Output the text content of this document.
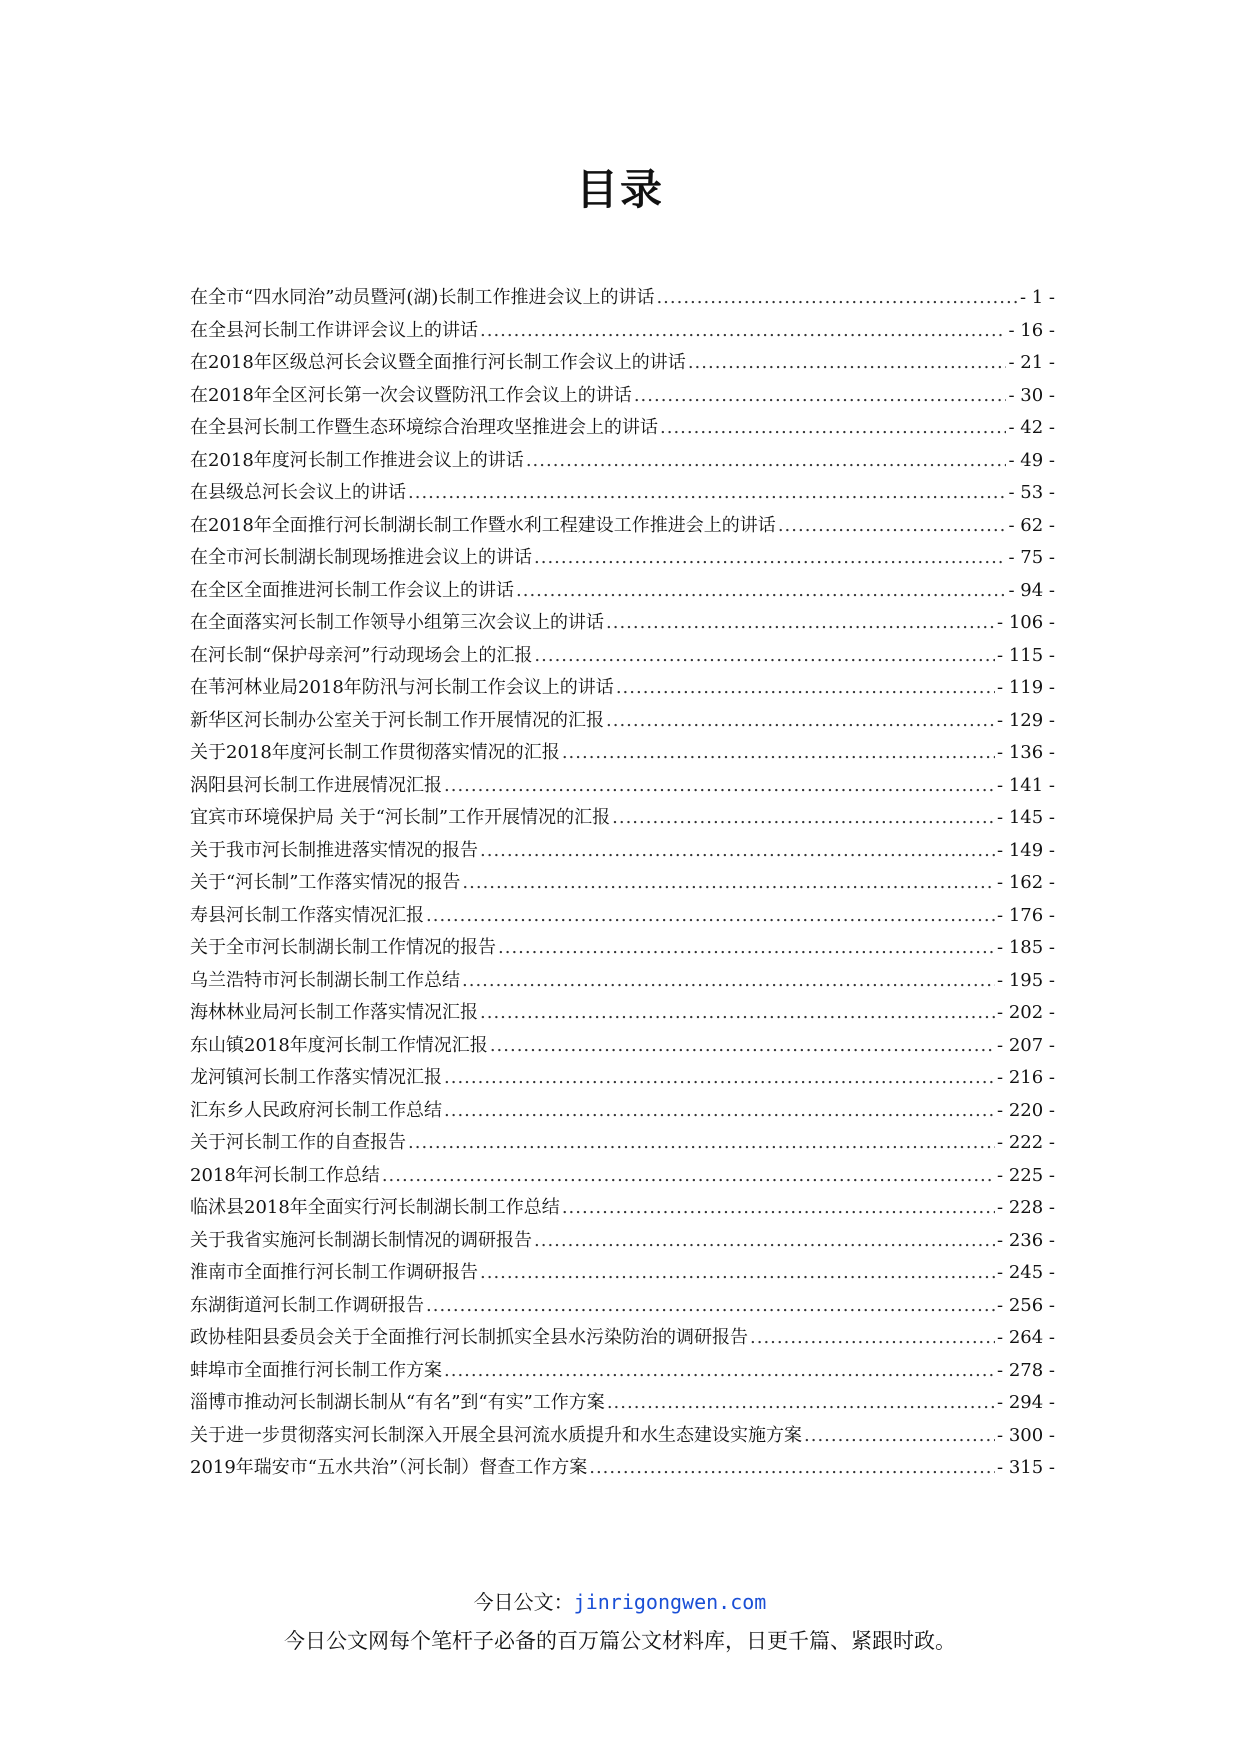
目录
在全市“四水同治”动员暨河(湖)长制工作推进会议上的讲话 .....	- 1 -
在全县河长制工作讲评会议上的讲话 .....	- 16 -
在2018年区级总河长会议暨全面推行河长制工作会议上的讲话 .....	- 21 -
在2018年全区河长第一次会议暨防汛工作会议上的讲话 .....	- 30 -
在全县河长制工作暨生态环境综合治理攻坚推进会上的讲话 .....	- 42 -
在2018年度河长制工作推进会议上的讲话 .....	- 49 -
在县级总河长会议上的讲话 .....	- 53 -
在2018年全面推行河长制湖长制工作暨水利工程建设工作推进会上的讲话 .....	- 62 -
在全市河长制湖长制现场推进会议上的讲话 .....	- 75 -
在全区全面推进河长制工作会议上的讲话 .....	- 94 -
在全面落实河长制工作领导小组第三次会议上的讲话 .....	- 106 -
在河长制“保护母亲河”行动现场会上的汇报 .....	- 115 -
在苇河林业局2018年防汛与河长制工作会议上的讲话 .....	- 119 -
新华区河长制办公室关于河长制工作开展情况的汇报 .....	- 129 -
关于2018年度河长制工作贯彻落实情况的汇报 .....	- 136 -
涡阳县河长制工作进展情况汇报 .....	- 141 -
宜宾市环境保护局 关于“河长制”工作开展情况的汇报 .....	- 145 -
关于我市河长制推进落实情况的报告 .....	- 149 -
关于“河长制”工作落实情况的报告 .....	- 162 -
寿县河长制工作落实情况汇报 .....	- 176 -
关于全市河长制湖长制工作情况的报告 .....	- 185 -
乌兰浩特市河长制湖长制工作总结 .....	- 195 -
海林林业局河长制工作落实情况汇报 .....	- 202 -
东山镇2018年度河长制工作情况汇报 .....	- 207 -
龙河镇河长制工作落实情况汇报 .....	- 216 -
汇东乡人民政府河长制工作总结 .....	- 220 -
关于河长制工作的自查报告 .....	- 222 -
2018年河长制工作总结 .....	- 225 -
临沭县2018年全面实行河长制湖长制工作总结 .....	- 228 -
关于我省实施河长制湖长制情况的调研报告 .....	- 236 -
淮南市全面推行河长制工作调研报告 .....	- 245 -
东湖街道河长制工作调研报告 .....	- 256 -
政协桂阳县委员会关于全面推行河长制抓实全县水污染防治的调研报告 .....	- 264 -
蚌埠市全面推行河长制工作方案 .....	- 278 -
淄博市推动河长制湖长制从“有名”到“有实”工作方案 .....	- 294 -
关于进一步贯彻落实河长制深入开展全县河流水质提升和水生态建设实施方案 .....	- 300 -
2019年瑞安市“五水共治”（河长制）督查工作方案 .....	- 315 -
今日公文：jinrigongwen.com
今日公文网每个笔杆子必备的百万篇公文材料库，日更千篇、紧跟时政。
